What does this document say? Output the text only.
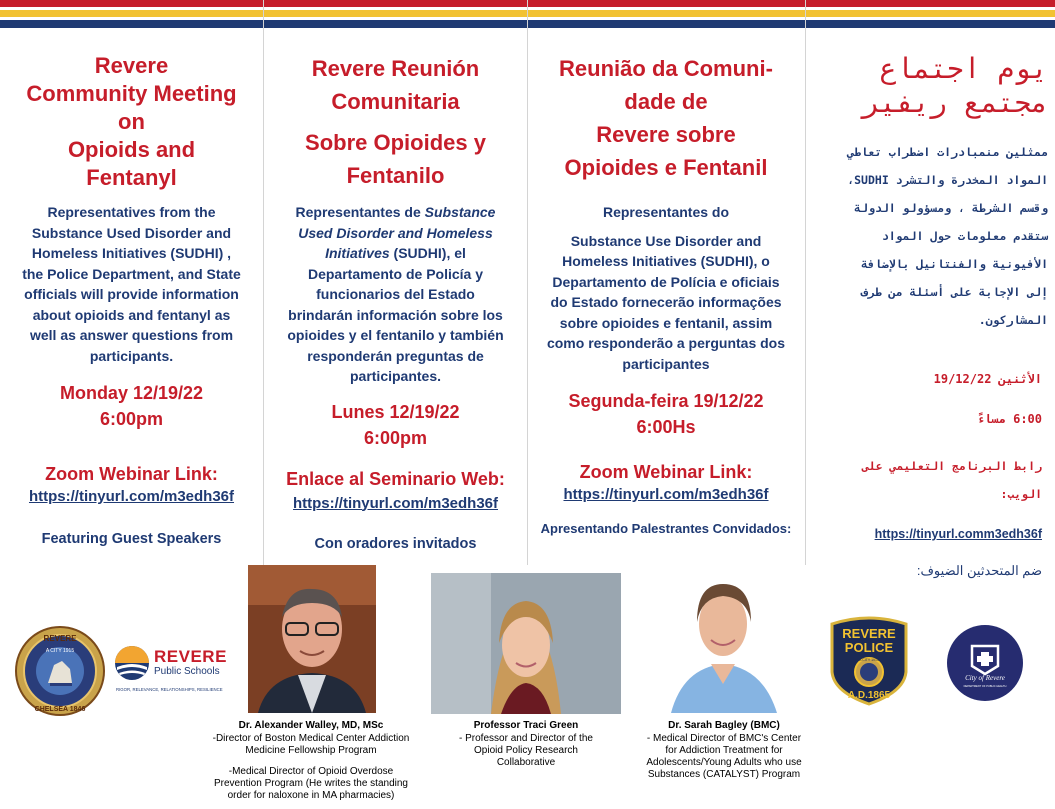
Revere
Community Meeting
on
Opioids and
Fentanyl
Representatives from the
Substance Used Disorder and
Homeless Initiatives (SUDHI) ,
the Police Department, and State
officials will provide information
about opioids and fentanyl as
well as answer questions from
participants.
Monday 12/19/22
6:00pm
Zoom Webinar Link:
https://tinyurl.com/m3edh36f
Featuring Guest Speakers
Revere Reunión
Comunitaria
Sobre Opioides y
Fentanilo
Representantes de Substance
Used Disorder and Homeless
Initiatives (SUDHI), el
Departamento de Policía y
funcionarios del Estado
brindarán información sobre los
opioides y el fentanilo y también
responderán preguntas de
participantes.
Lunes 12/19/22
6:00pm
Enlace al Seminario Web:
https://tinyurl.com/m3edh36f
Con oradores invitados
Reunião da Comuni-
dade de
Revere sobre
Opioides e Fentanil
Representantes do
Substance Use Disorder and
Homeless Initiatives (SUDHI), o
Departamento de Polícia e oficiais
do Estado fornecerão informações
sobre opioides e fentanil, assim
como responderão a perguntas dos
participantes
Segunda-feira 19/12/22
6:00Hs
Zoom Webinar Link:
https://tinyurl.com/m3edh36f
Apresentando Palestrantes Convidados:
يوم اجتماع
مجتمع ريفير
ممثلين منمبادرات اضطراب تعاطي
المواد المخدرة والتشرد SUDHI،
وقسم الشرطة ، ومسؤولو الدولة
ستقدم معلومات حول المواد
الأفيونية والفنتانيل بالإضافة
إلى الإجابة على أسئلة من طرف
المشاركون.
الأثنين 19/12/22
6:00 مساءً
رابط البرنامج التعليمي على
الويب:
https://tinyurl.comm3edh36f
ضم المتحدثين الضيوف:
REVERE
CHELSEA 1846
A CITY 1915	REVERE
Public Schools
RIGOR, RELEVANCE, RELATIONSHIPS, RESILIENCE
Dr. Alexander Walley, MD, MSc
-Director of Boston Medical Center Addiction
Medicine Fellowship Program
-Medical Director of Opioid Overdose
Prevention Program (He writes the standing
order for naloxone in MA pharmacies)
Professor Traci Green
- Professor and Director of the
Opioid Policy Research
Collaborative
Dr. Sarah Bagley (BMC)
- Medical Director of BMC's Center
for Addiction Treatment for
Adolescents/Young Adults who use
Substances (CATALYST) Program
REVERE
POLICE
A CITY 1915
A.D.1865
City of Revere
DEPARTMENT OF PUBLIC HEALTH
